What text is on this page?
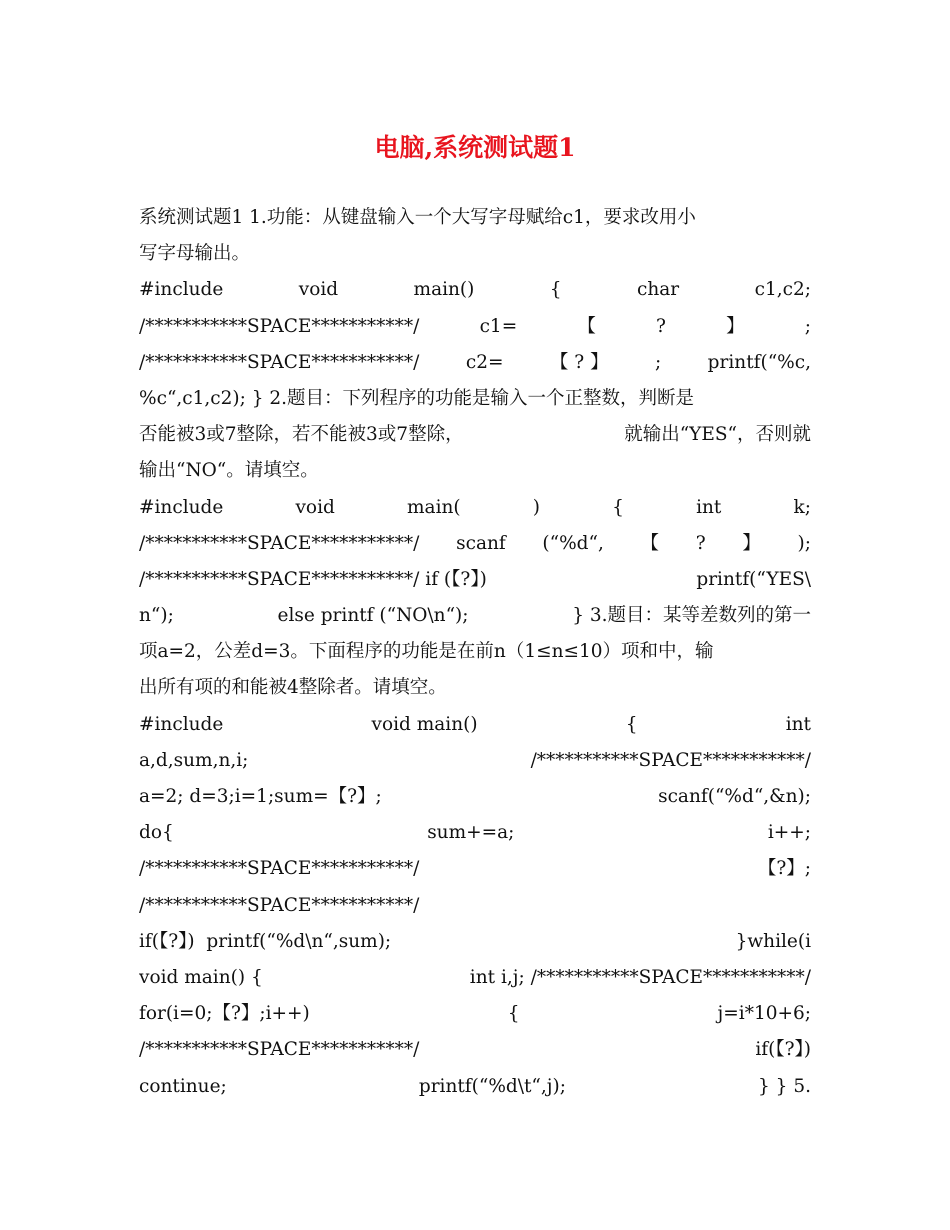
电脑,系统测试题1
系统测试题1 1.功能：从键盘输入一个大写字母赋给c1，要求改用小
写字母输出。
#include	void	main()	{	char	c1,c2;
/***********SPACE***********/	c1=	【	?	】	;
/***********SPACE***********/	c2=	【 ? 】	;	printf(“%c,
%c“,c1,c2); } 2.题目：下列程序的功能是输入一个正整数，判断是
否能被3或7整除，若不能被3或7整除，	就输出“YES“，否则就
输出“NO“。请填空。
#include	void	main(	)	{	int	k;
/***********SPACE***********/ scanf (“%d“, 【 ? 】 );
/***********SPACE***********/ if (【?】)	printf(“YES\
n“);	else printf (“NO\n“);	} 3.题目：某等差数列的第一
项a=2，公差d=3。下面程序的功能是在前n（1≤n≤10）项和中，输
出所有项的和能被4整除者。请填空。
#include	void main()	{	int
a,d,sum,n,i;	/***********SPACE***********/
a=2; d=3;i=1;sum=【?】;	scanf(“%d“,&n);
do{	sum+=a;	i++;
/***********SPACE***********/	【?】;
/***********SPACE***********/
if(【?】)  printf(“%d\n“,sum);	}while(i
void main() {	int i,j; /***********SPACE***********/
for(i=0;【?】;i++)	{	j=i*10+6;
/***********SPACE***********/	if(【?】)
continue;	printf(“%d\t“,j);	} } 5.
